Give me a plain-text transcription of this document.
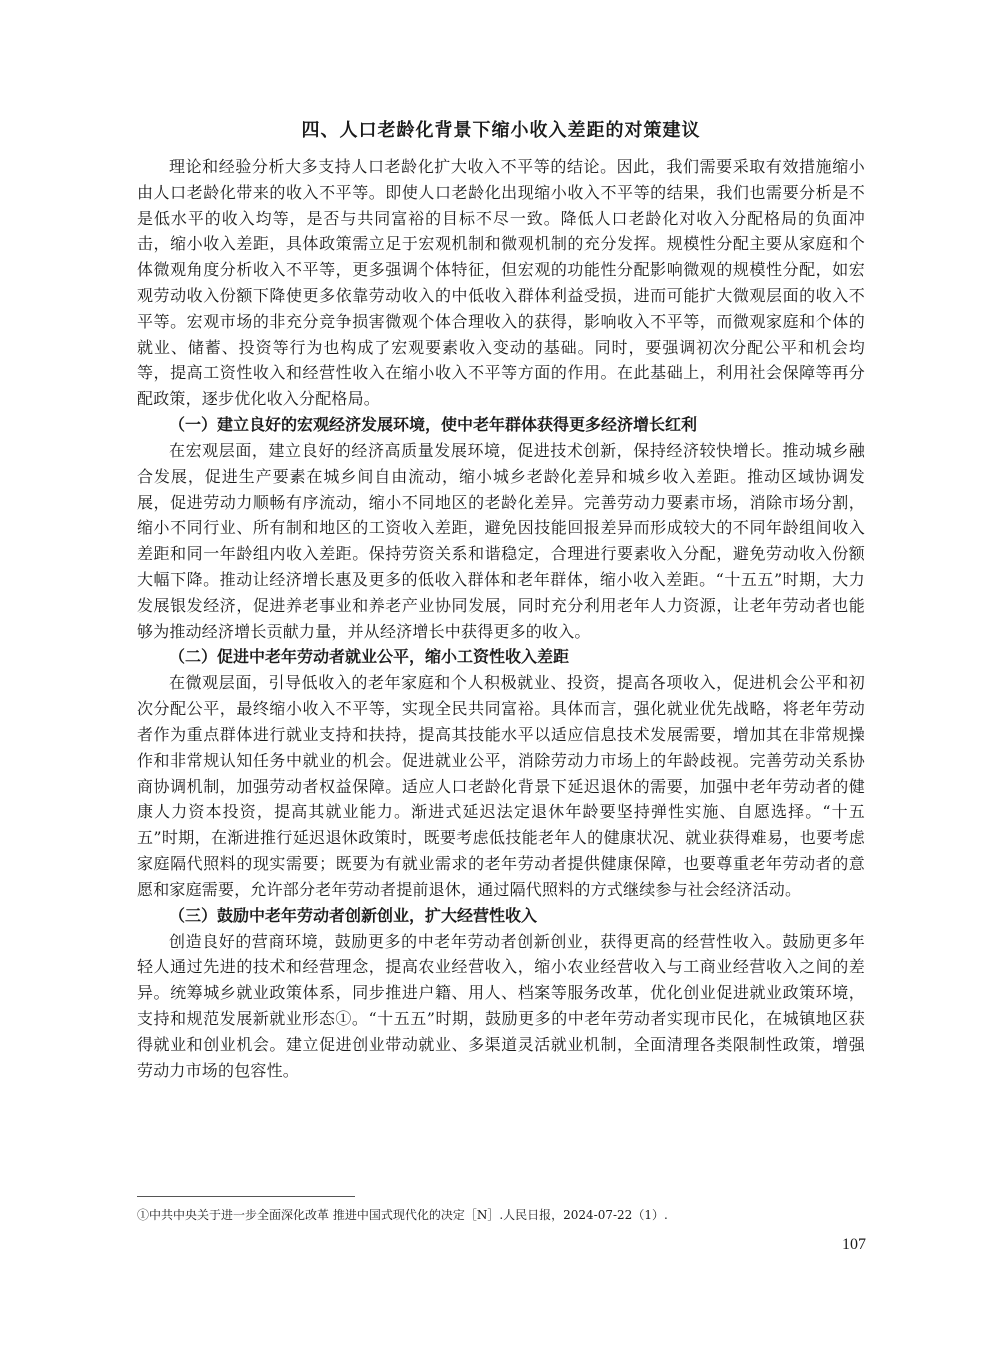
四、人口老龄化背景下缩小收入差距的对策建议

理论和经验分析大多支持人口老龄化扩大收入不平等的结论。因此，我们需要采取有效措施缩小由人口老龄化带来的收入不平等。即使人口老龄化出现缩小收入不平等的结果，我们也需要分析是不是低水平的收入均等，是否与共同富裕的目标不尽一致。降低人口老龄化对收入分配格局的负面冲击，缩小收入差距，具体政策需立足于宏观机制和微观机制的充分发挥。规模性分配主要从家庭和个体微观角度分析收入不平等，更多强调个体特征，但宏观的功能性分配影响微观的规模性分配，如宏观劳动收入份额下降使更多依靠劳动收入的中低收入群体利益受损，进而可能扩大微观层面的收入不平等。宏观市场的非充分竞争损害微观个体合理收入的获得，影响收入不平等，而微观家庭和个体的就业、储蓄、投资等行为也构成了宏观要素收入变动的基础。同时，要强调初次分配公平和机会均等，提高工资性收入和经营性收入在缩小收入不平等方面的作用。在此基础上，利用社会保障等再分配政策，逐步优化收入分配格局。

（一）建立良好的宏观经济发展环境，使中老年群体获得更多经济增长红利

在宏观层面，建立良好的经济高质量发展环境，促进技术创新，保持经济较快增长。推动城乡融合发展，促进生产要素在城乡间自由流动，缩小城乡老龄化差异和城乡收入差距。推动区域协调发展，促进劳动力顺畅有序流动，缩小不同地区的老龄化差异。完善劳动力要素市场，消除市场分割，缩小不同行业、所有制和地区的工资收入差距，避免因技能回报差异而形成较大的不同年龄组间收入差距和同一年龄组内收入差距。保持劳资关系和谐稳定，合理进行要素收入分配，避免劳动收入份额大幅下降。推动让经济增长惠及更多的低收入群体和老年群体，缩小收入差距。“十五五”时期，大力发展银发经济，促进养老事业和养老产业协同发展，同时充分利用老年人力资源，让老年劳动者也能够为推动经济增长贡献力量，并从经济增长中获得更多的收入。

（二）促进中老年劳动者就业公平，缩小工资性收入差距

在微观层面，引导低收入的老年家庭和个人积极就业、投资，提高各项收入，促进机会公平和初次分配公平，最终缩小收入不平等，实现全民共同富裕。具体而言，强化就业优先战略，将老年劳动者作为重点群体进行就业支持和扶持，提高其技能水平以适应信息技术发展需要，增加其在非常规操作和非常规认知任务中就业的机会。促进就业公平，消除劳动力市场上的年龄歧视。完善劳动关系协商协调机制，加强劳动者权益保障。适应人口老龄化背景下延迟退休的需要，加强中老年劳动者的健康人力资本投资，提高其就业能力。渐进式延迟法定退休年龄要坚持弹性实施、自愿选择。“十五五”时期，在渐进推行延迟退休政策时，既要考虑低技能老年人的健康状况、就业获得难易，也要考虑家庭隔代照料的现实需要；既要为有就业需求的老年劳动者提供健康保障，也要尊重老年劳动者的意愿和家庭需要，允许部分老年劳动者提前退休，通过隔代照料的方式继续参与社会经济活动。

（三）鼓励中老年劳动者创新创业，扩大经营性收入

创造良好的营商环境，鼓励更多的中老年劳动者创新创业，获得更高的经营性收入。鼓励更多年轻人通过先进的技术和经营理念，提高农业经营收入，缩小农业经营收入与工商业经营收入之间的差异。统筹城乡就业政策体系，同步推进户籍、用人、档案等服务改革，优化创业促进就业政策环境，支持和规范发展新就业形态①。“十五五”时期，鼓励更多的中老年劳动者实现市民化，在城镇地区获得就业和创业机会。建立促进创业带动就业、多渠道灵活就业机制，全面清理各类限制性政策，增强劳动力市场的包容性。

①中共中央关于进一步全面深化改革 推进中国式现代化的决定［N］.人民日报，2024-07-22（1）.
107
